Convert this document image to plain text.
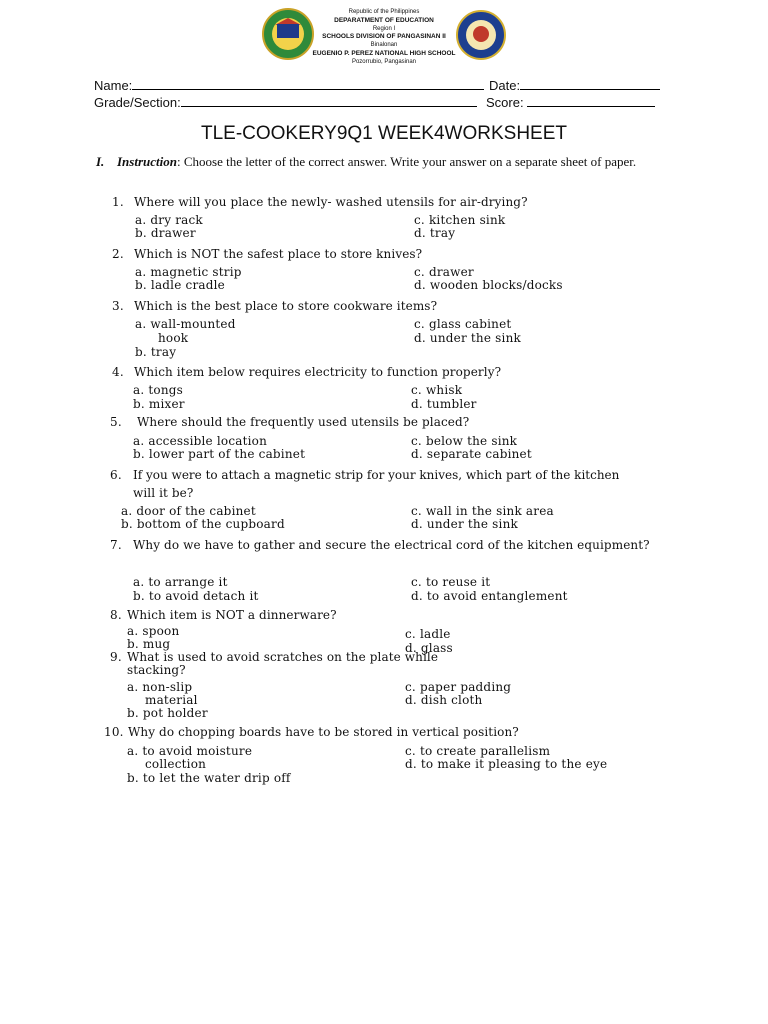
Republic of the Philippines
DEPARATMENT OF EDUCATION
Region I
SCHOOLS DIVISION OF PANGASINAN II
Binalonan
EUGENIO P. PEREZ NATIONAL HIGH SCHOOL
Pozorrubio, Pangasinan
Name:	Date:
Grade/Section:	Score:
TLE-COOKERY9Q1 WEEK4WORKSHEET
I. Instruction: Choose the letter of the correct answer. Write your answer on a separate sheet of paper.
1. Where will you place the newly- washed utensils for air-drying?
a. dry rack
b. drawer
c. kitchen sink
d. tray
2. Which is NOT the safest place to store knives?
a. magnetic strip
b. ladle cradle
c. drawer
d. wooden blocks/docks
3. Which is the best place to store cookware items?
a. wall-mounted
hook
b. tray
c. glass cabinet
d. under the sink
4. Which item below requires electricity to function properly?
a. tongs
b. mixer
c. whisk
d. tumbler
5. Where should the frequently used utensils be placed?
a. accessible location
b. lower part of the cabinet
c. below the sink
d. separate cabinet
6. If you were to attach a magnetic strip for your knives, which part of the kitchen
will it be?
a. door of the cabinet
b. bottom of the cupboard
c. wall in the sink area
d. under the sink
7. Why do we have to gather and secure the electrical cord of the kitchen equipment?
a. to arrange it
b. to avoid detach it
c. to reuse it
d. to avoid entanglement
8. Which item is NOT a dinnerware?
a. spoon
b. mug
c. ladle
d. glass
9. What is used to avoid scratches on the plate while
stacking?
a. non-slip
material
b. pot holder
c. paper padding
d. dish cloth
10. Why do chopping boards have to be stored in vertical position?
a. to avoid moisture
collection
b. to let the water drip off
c. to create parallelism
d. to make it pleasing to the eye
